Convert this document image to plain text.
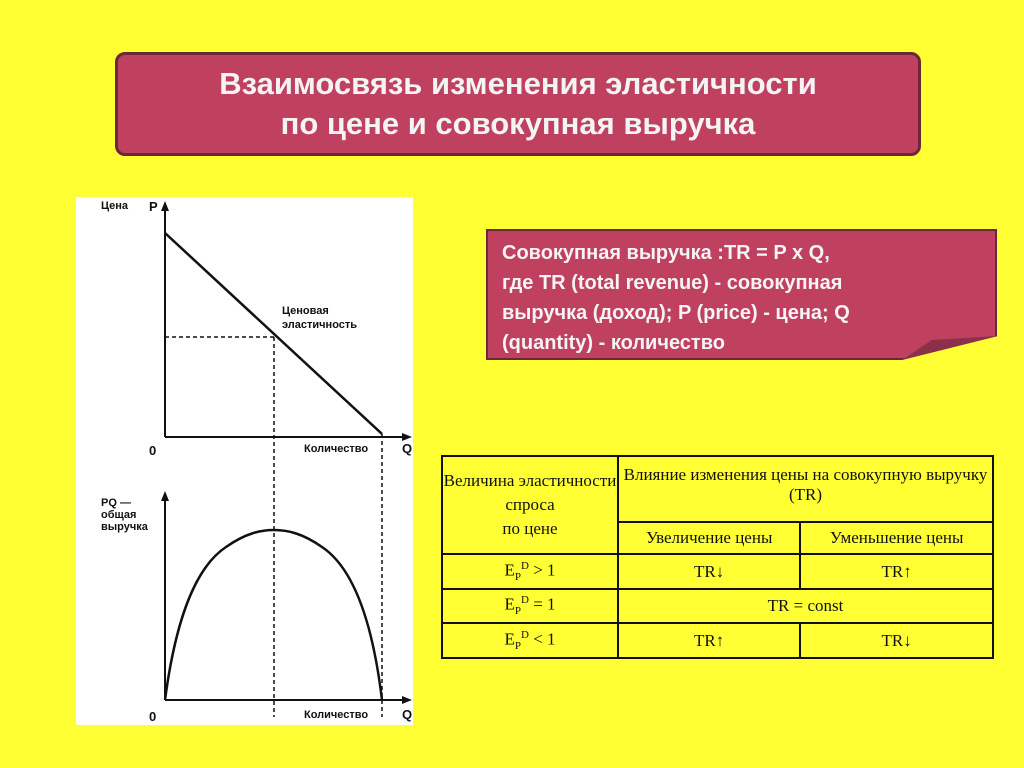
Взаимосвязь изменения эластичности
по цене и совокупная выручка
Совокупная выручка :TR = P х Q,
где TR (total revenue) - совокупная
выручка (доход); P (price) - цена; Q
(quantity) - количество
Цена P
0	Количество	Q
Ценовая
эластичность
PQ —
общая
выручка
0	Количество	Q
Величина эластичности
спроса
по цене	Влияние изменения цены на совокупную выручку (TR)	
	Увеличение цены	Уменьшение цены
$E_P^D > 1$	TR↓	TR↑
$E_P^D = 1$	TR = const	
$E_P^D < 1$	TR↑	TR↓
